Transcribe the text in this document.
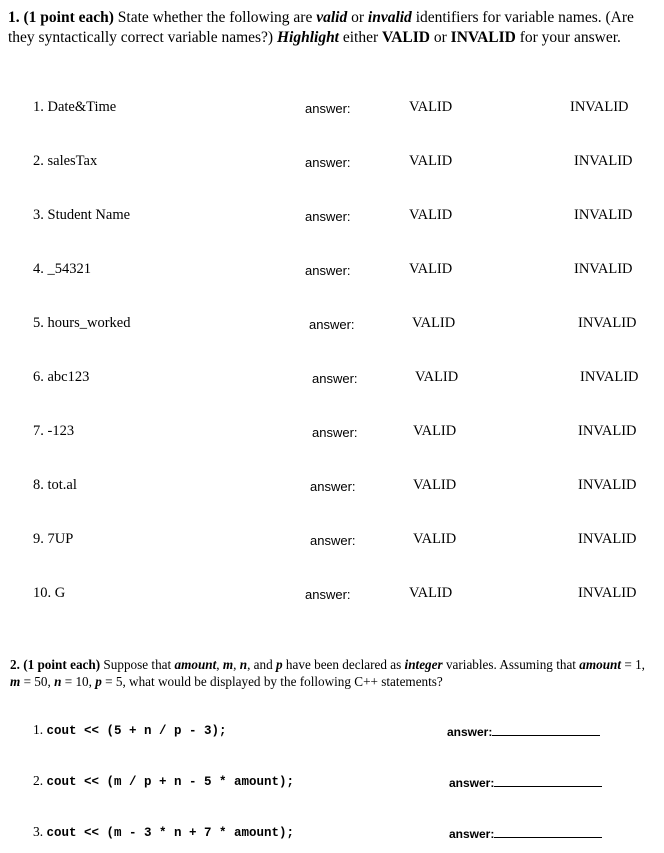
1. (1 point each) State whether the following are valid or invalid identifiers for variable names. (Are they syntactically correct variable names?) Highlight either VALID or INVALID for your answer.
1. Date&Time	answer:	VALID	INVALID
2. salesTax	answer:	VALID	INVALID
3. Student Name	answer:	VALID	INVALID
4. _54321	answer:	VALID	INVALID
5. hours_worked	answer:	VALID	INVALID
6. abc123	answer:	VALID	INVALID
7. -123	answer:	VALID	INVALID
8. tot.al	answer:	VALID	INVALID
9. 7UP	answer:	VALID	INVALID
10. G	answer:	VALID	INVALID
2. (1 point each) Suppose that amount, m, n, and p have been declared as integer variables. Assuming that amount = 1, m = 50, n = 10, p = 5, what would be displayed by the following C++ statements?
1. cout << (5 + n / p - 3);	answer:
2. cout << (m / p + n - 5 * amount);	answer:
3. cout << (m - 3 * n + 7 * amount);	answer:
